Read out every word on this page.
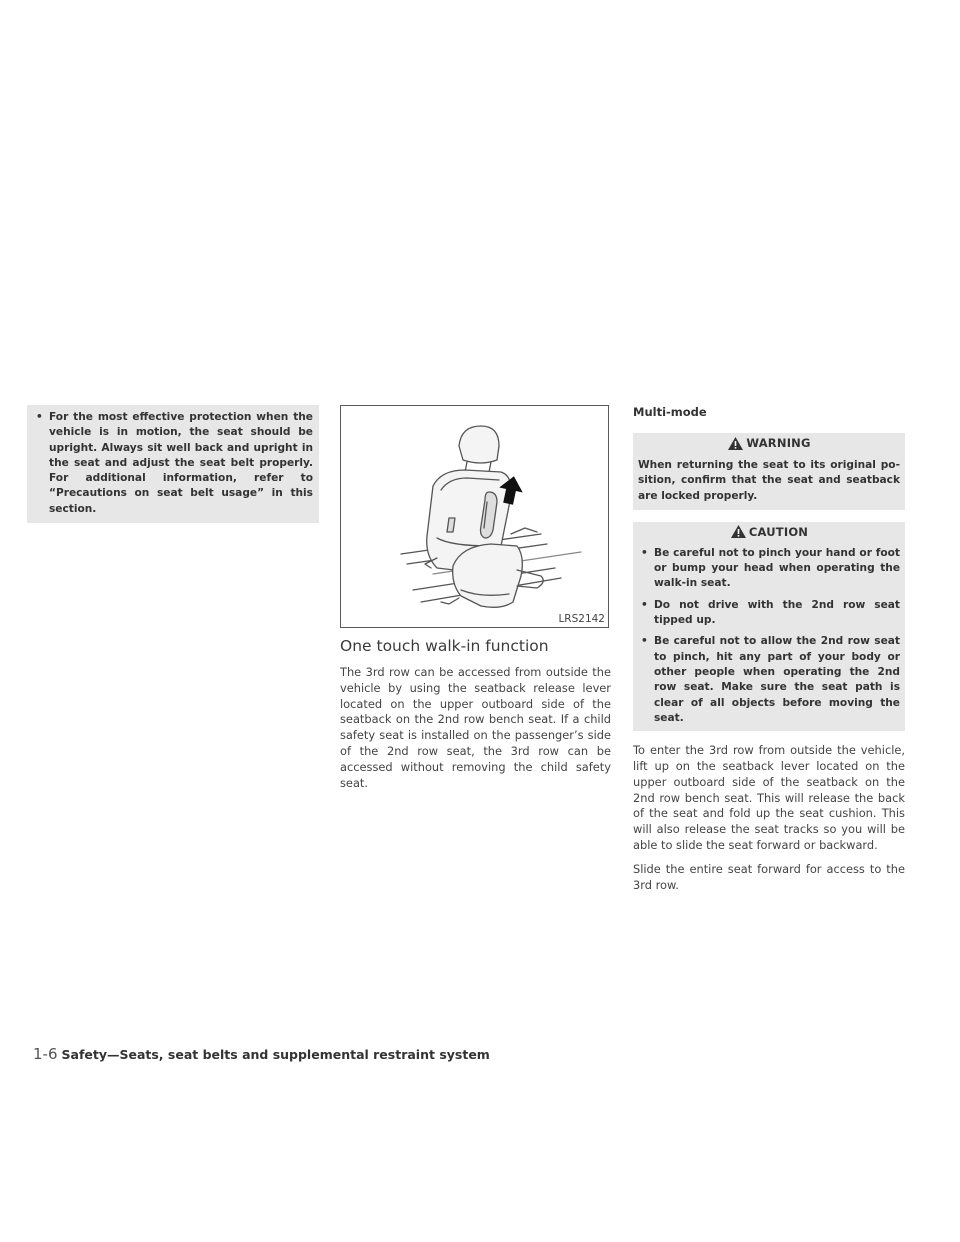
• For the most effective protection when the vehicle is in motion, the seat should be upright. Always sit well back and upright in the seat and adjust the seat belt properly. For additional information, refer to “Precautions on seat belt usage” in this section.
LRS2142
One touch walk-in function

The 3rd row can be accessed from outside the vehicle by using the seatback release lever located on the upper outboard side of the seatback on the 2nd row bench seat. If a child safety seat is installed on the passenger’s side of the 2nd row seat, the 3rd row can be accessed without removing the child safety seat.

Multi-mode
WARNING
When returning the seat to its original position, confirm that the seat and seatback are locked properly.
CAUTION
• Be careful not to pinch your hand or foot or bump your head when operating the walk-in seat.
• Do not drive with the 2nd row seat tipped up.
• Be careful not to allow the 2nd row seat to pinch, hit any part of your body or other people when operating the 2nd row seat. Make sure the seat path is clear of all objects before moving the seat.

To enter the 3rd row from outside the vehicle, lift up on the seatback lever located on the upper outboard side of the seatback on the 2nd row bench seat. This will release the back of the seat and fold up the seat cushion. This will also release the seat tracks so you will be able to slide the seat forward or backward.

Slide the entire seat forward for access to the 3rd row.

1-6 Safety—Seats, seat belts and supplemental restraint system
